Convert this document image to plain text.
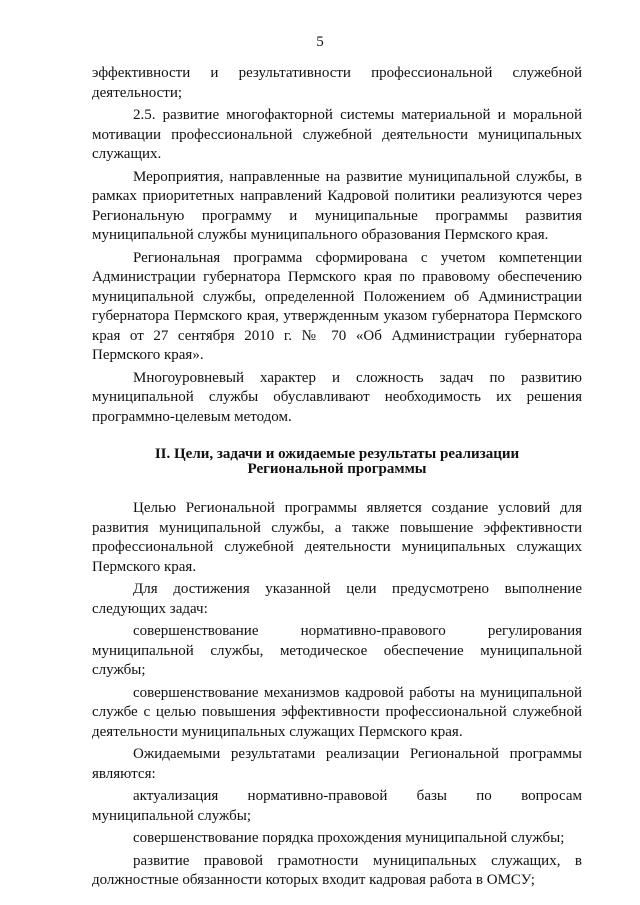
5

эффективности и результативности профессиональной служебной деятельности;

2.5. развитие многофакторной системы материальной и моральной мотивации профессиональной служебной деятельности муниципальных служащих.

Мероприятия, направленные на развитие муниципальной службы, в рамках приоритетных направлений Кадровой политики реализуются через Региональную программу и муниципальные программы развития муниципальной службы муниципального образования Пермского края.

Региональная программа сформирована с учетом компетенции Администрации губернатора Пермского края по правовому обеспечению муниципальной службы, определенной Положением об Администрации губернатора Пермского края, утвержденным указом губернатора Пермского края от 27 сентября 2010 г. № 70 «Об Администрации губернатора Пермского края».

Многоуровневый характер и сложность задач по развитию муниципальной службы обуславливают необходимость их решения программно-целевым методом.

II. Цели, задачи и ожидаемые результаты реализации
Региональной программы

Целью Региональной программы является создание условий для развития муниципальной службы, а также повышение эффективности профессиональной служебной деятельности муниципальных служащих Пермского края.

Для достижения указанной цели предусмотрено выполнение следующих задач:

совершенствование нормативно-правового регулирования муниципальной службы, методическое обеспечение муниципальной службы;

совершенствование механизмов кадровой работы на муниципальной службе с целью повышения эффективности профессиональной служебной деятельности муниципальных служащих Пермского края.

Ожидаемыми результатами реализации Региональной программы являются:

актуализация нормативно-правовой базы по вопросам муниципальной службы;

совершенствование порядка прохождения муниципальной службы;

развитие правовой грамотности муниципальных служащих, в должностные обязанности которых входит кадровая работа в ОМСУ;
